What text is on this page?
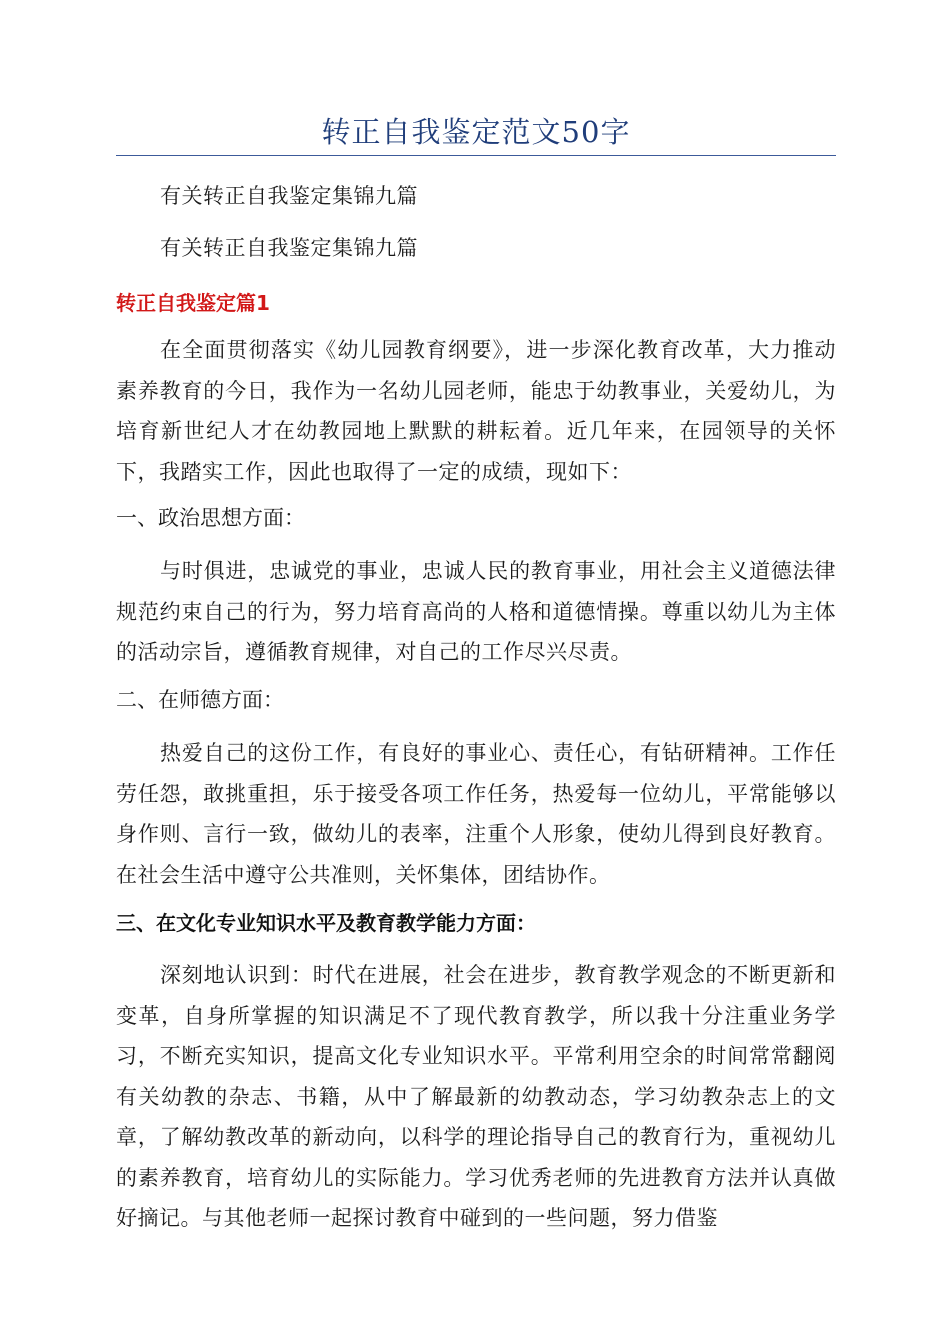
转正自我鉴定范文50字
有关转正自我鉴定集锦九篇
有关转正自我鉴定集锦九篇
转正自我鉴定篇1
在全面贯彻落实《幼儿园教育纲要》，进一步深化教育改革，大力推动素养教育的今日，我作为一名幼儿园老师，能忠于幼教事业，关爱幼儿，为培育新世纪人才在幼教园地上默默的耕耘着。近几年来，在园领导的关怀下，我踏实工作，因此也取得了一定的成绩，现如下：
一、政治思想方面：
与时俱进，忠诚党的事业，忠诚人民的教育事业，用社会主义道德法律规范约束自己的行为，努力培育高尚的人格和道德情操。尊重以幼儿为主体的活动宗旨，遵循教育规律，对自己的工作尽兴尽责。
二、在师德方面：
热爱自己的这份工作，有良好的事业心、责任心，有钻研精神。工作任劳任怨，敢挑重担，乐于接受各项工作任务，热爱每一位幼儿，平常能够以身作则、言行一致，做幼儿的表率，注重个人形象，使幼儿得到良好教育。在社会生活中遵守公共准则，关怀集体，团结协作。
三、在文化专业知识水平及教育教学能力方面：
深刻地认识到：时代在进展，社会在进步，教育教学观念的不断更新和变革，自身所掌握的知识满足不了现代教育教学，所以我十分注重业务学习，不断充实知识，提高文化专业知识水平。平常利用空余的时间常常翻阅有关幼教的杂志、书籍，从中了解最新的幼教动态，学习幼教杂志上的文章，了解幼教改革的新动向，以科学的理论指导自己的教育行为，重视幼儿的素养教育，培育幼儿的实际能力。学习优秀老师的先进教育方法并认真做好摘记。与其他老师一起探讨教育中碰到的一些问题，努力借鉴
